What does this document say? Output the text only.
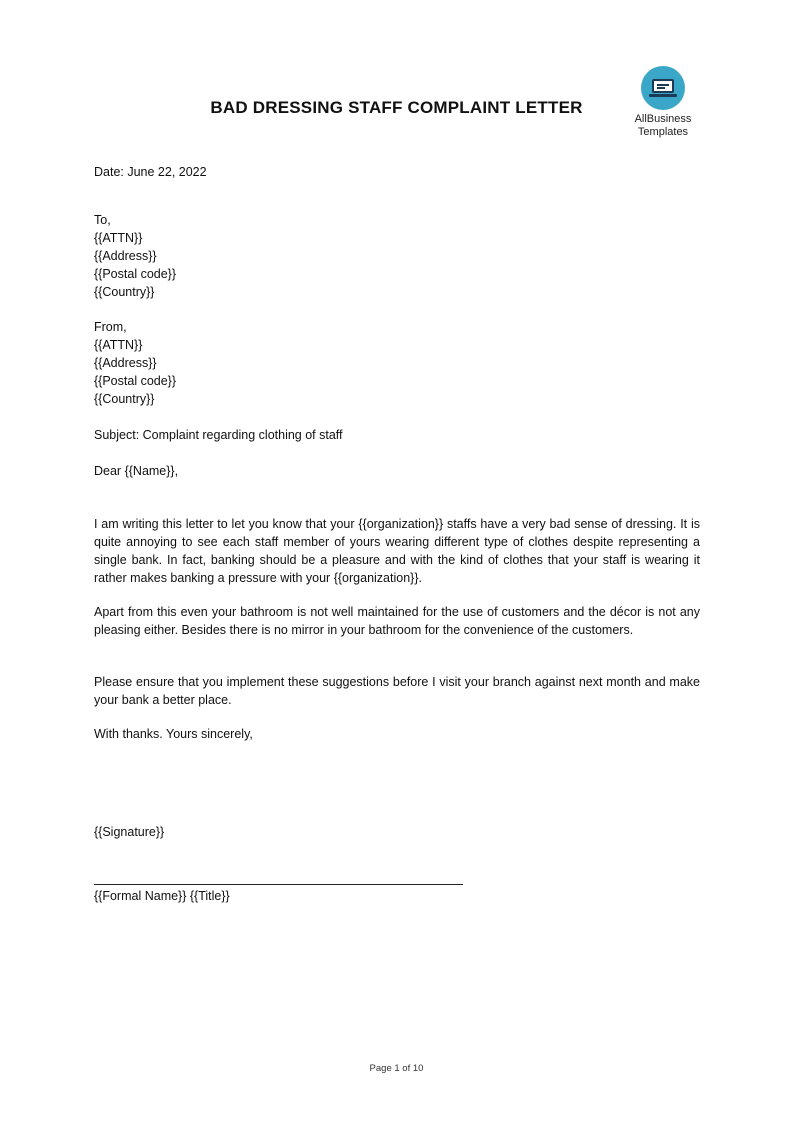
BAD DRESSING STAFF COMPLAINT LETTER
AllBusiness
Templates
Date: June 22, 2022
To,
{{ATTN}}
{{Address}}
{{Postal code}}
{{Country}}
From,
{{ATTN}}
{{Address}}
{{Postal code}}
{{Country}}
Subject: Complaint regarding clothing of staff
Dear {{Name}},
I am writing this letter to let you know that your {{organization}} staffs have a very bad sense of dressing. It is quite annoying to see each staff member of yours wearing different type of clothes despite representing a single bank. In fact, banking should be a pleasure and with the kind of clothes that your staff is wearing it rather makes banking a pressure with your {{organization}}.
Apart from this even your bathroom is not well maintained for the use of customers and the décor is not any pleasing either. Besides there is no mirror in your bathroom for the convenience of the customers.
Please ensure that you implement these suggestions before I visit your branch against next month and make your bank a better place.
With thanks. Yours sincerely,
{{Signature}}
{{Formal Name}} {{Title}}
Page 1 of 10
